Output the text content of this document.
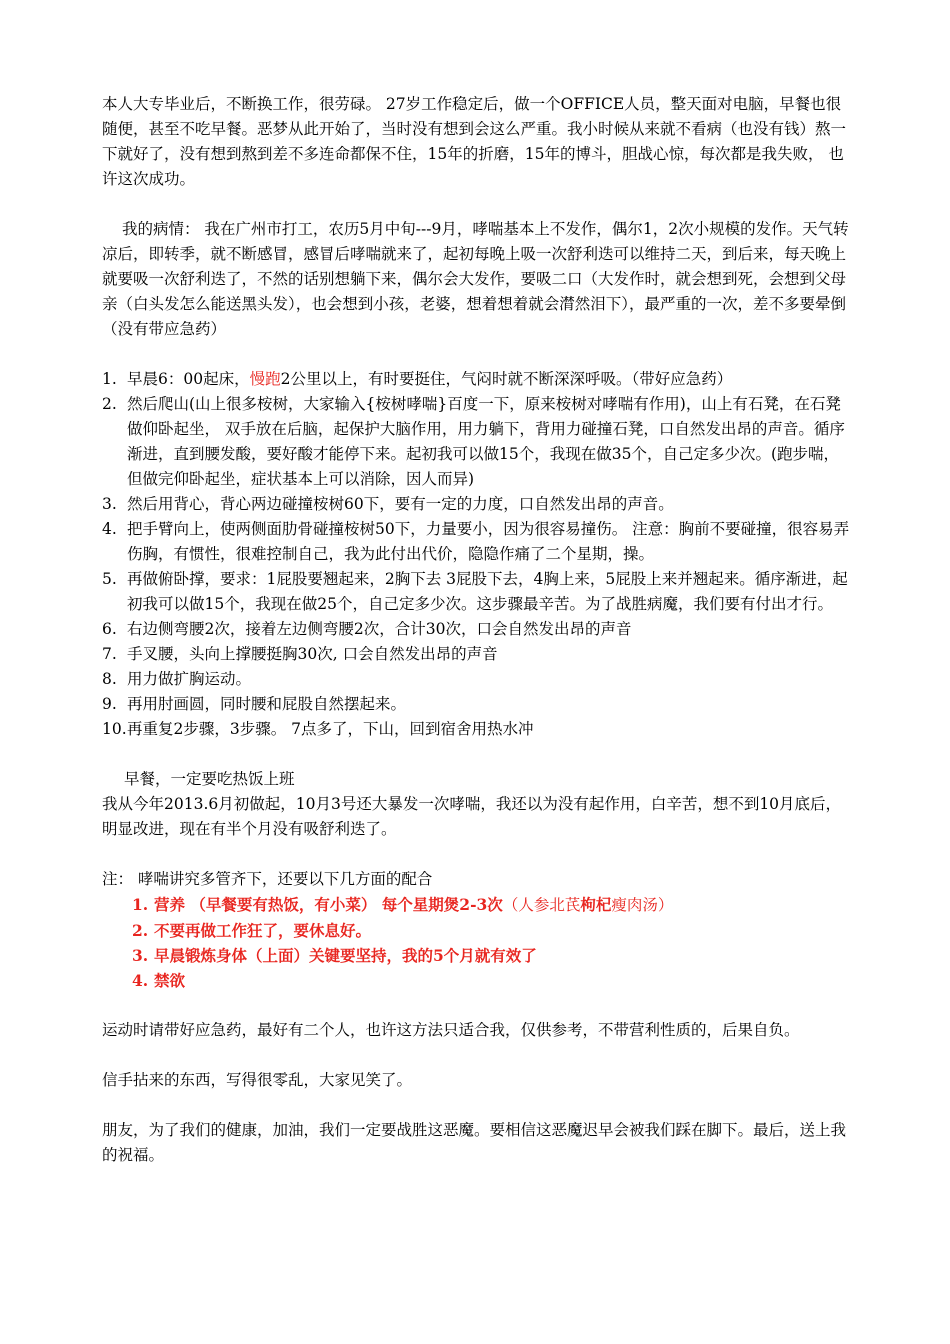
本人大专毕业后，不断换工作，很劳碌。 27岁工作稳定后，做一个OFFICE人员，整天面对电脑，早餐也很随便，甚至不吃早餐。恶梦从此开始了，当时没有想到会这么严重。我小时候从来就不看病（也没有钱）熬一下就好了，没有想到熬到差不多连命都保不住，15年的折磨，15年的博斗，胆战心惊，每次都是我失败， 也许这次成功。

我的病情： 我在广州市打工，农历5月中旬---9月，哮喘基本上不发作，偶尔1，2次小规模的发作。天气转凉后，即转季，就不断感冒，感冒后哮喘就来了，起初每晚上吸一次舒利迭可以维持二天，到后来，每天晚上就要吸一次舒利迭了，不然的话别想躺下来，偶尔会大发作，要吸二口（大发作时，就会想到死，会想到父母亲（白头发怎么能送黑头发），也会想到小孩，老婆，想着想着就会潸然泪下），最严重的一次，差不多要晕倒（没有带应急药）

1. 早晨6：00起床，慢跑2公里以上，有时要挺住，气闷时就不断深深呼吸。（带好应急药）
2. 然后爬山(山上很多桉树，大家输入{桉树哮喘}百度一下，原来桉树对哮喘有作用)，山上有石凳，在石凳做仰卧起坐， 双手放在后脑，起保护大脑作用，用力躺下，背用力碰撞石凳，口自然发出昂的声音。循序渐进，直到腰发酸，要好酸才能停下来。起初我可以做15个，我现在做35个，自己定多少次。(跑步喘，但做完仰卧起坐，症状基本上可以消除，因人而异)
3. 然后用背心，背心两边碰撞桉树60下，要有一定的力度，口自然发出昂的声音。
4. 把手臂向上，使两侧面肋骨碰撞桉树50下，力量要小，因为很容易撞伤。 注意：胸前不要碰撞，很容易弄伤胸，有惯性，很难控制自己，我为此付出代价，隐隐作痛了二个星期，操。
5. 再做俯卧撑，要求：1屁股要翘起来，2胸下去 3屁股下去，4胸上来，5屁股上来并翘起来。循序渐进，起初我可以做15个，我现在做25个，自己定多少次。这步骤最辛苦。为了战胜病魔，我们要有付出才行。
6. 右边侧弯腰2次，接着左边侧弯腰2次，合计30次，口会自然发出昂的声音
7. 手叉腰，头向上撑腰挺胸30次, 口会自然发出昂的声音
8. 用力做扩胸运动。
9. 再用肘画圆，同时腰和屁股自然摆起来。
10. 再重复2步骤，3步骤。 7点多了，下山，回到宿舍用热水冲

早餐，一定要吃热饭上班

我从今年2013.6月初做起，10月3号还大暴发一次哮喘，我还以为没有起作用，白辛苦，想不到10月底后，明显改进，现在有半个月没有吸舒利迭了。

注： 哮喘讲究多管齐下，还要以下几方面的配合

1. 营养 （早餐要有热饭，有小菜） 每个星期煲2-3次（人参北芪枸杞瘦肉汤）
2. 不要再做工作狂了，要休息好。
3. 早晨锻炼身体（上面）关键要坚持，我的5个月就有效了
4. 禁欲

运动时请带好应急药，最好有二个人，也许这方法只适合我，仅供参考，不带营利性质的，后果自负。

信手拈来的东西，写得很零乱，大家见笑了。

朋友，为了我们的健康，加油，我们一定要战胜这恶魔。要相信这恶魔迟早会被我们踩在脚下。最后，送上我的祝福。
